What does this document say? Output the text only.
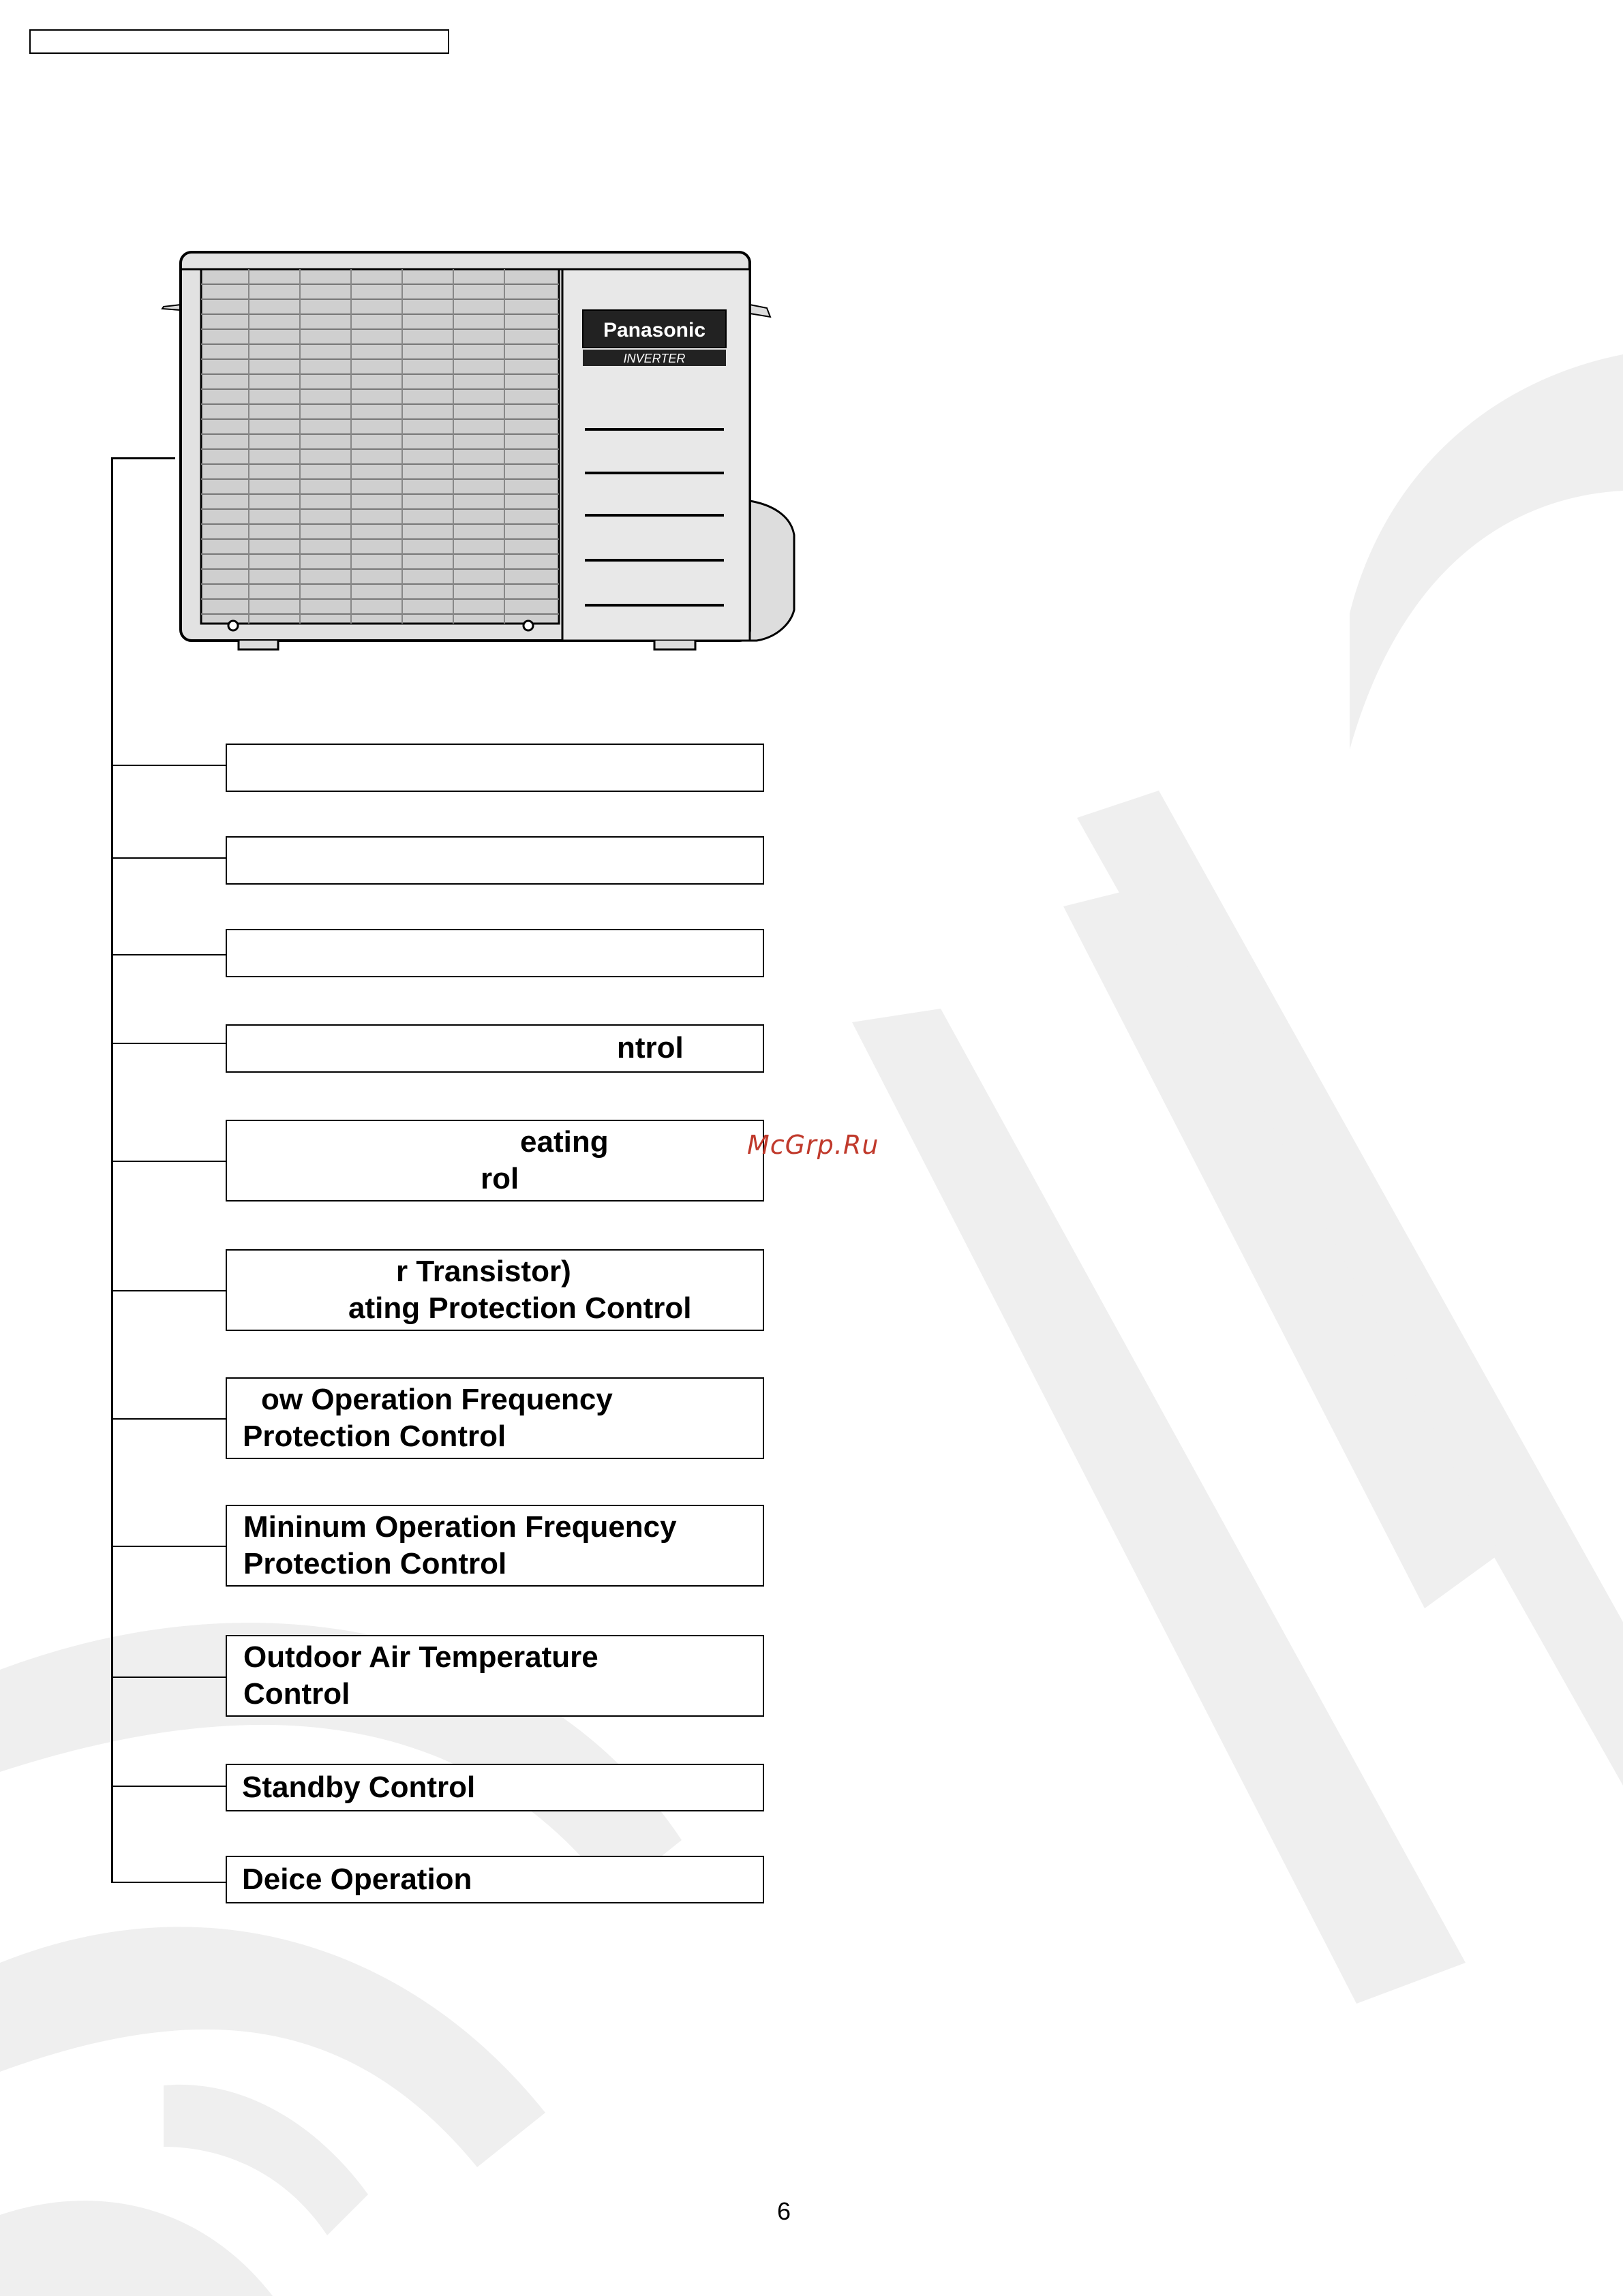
Panasonic
INVERTER
ntrol
eating
rol
r Transistor)
ating Protection Control
ow Operation Frequency
Protection Control
Mininum Operation Frequency
Protection Control
Outdoor Air Temperature
Control
Standby Control
Deice Operation
McGrp.Ru
6
